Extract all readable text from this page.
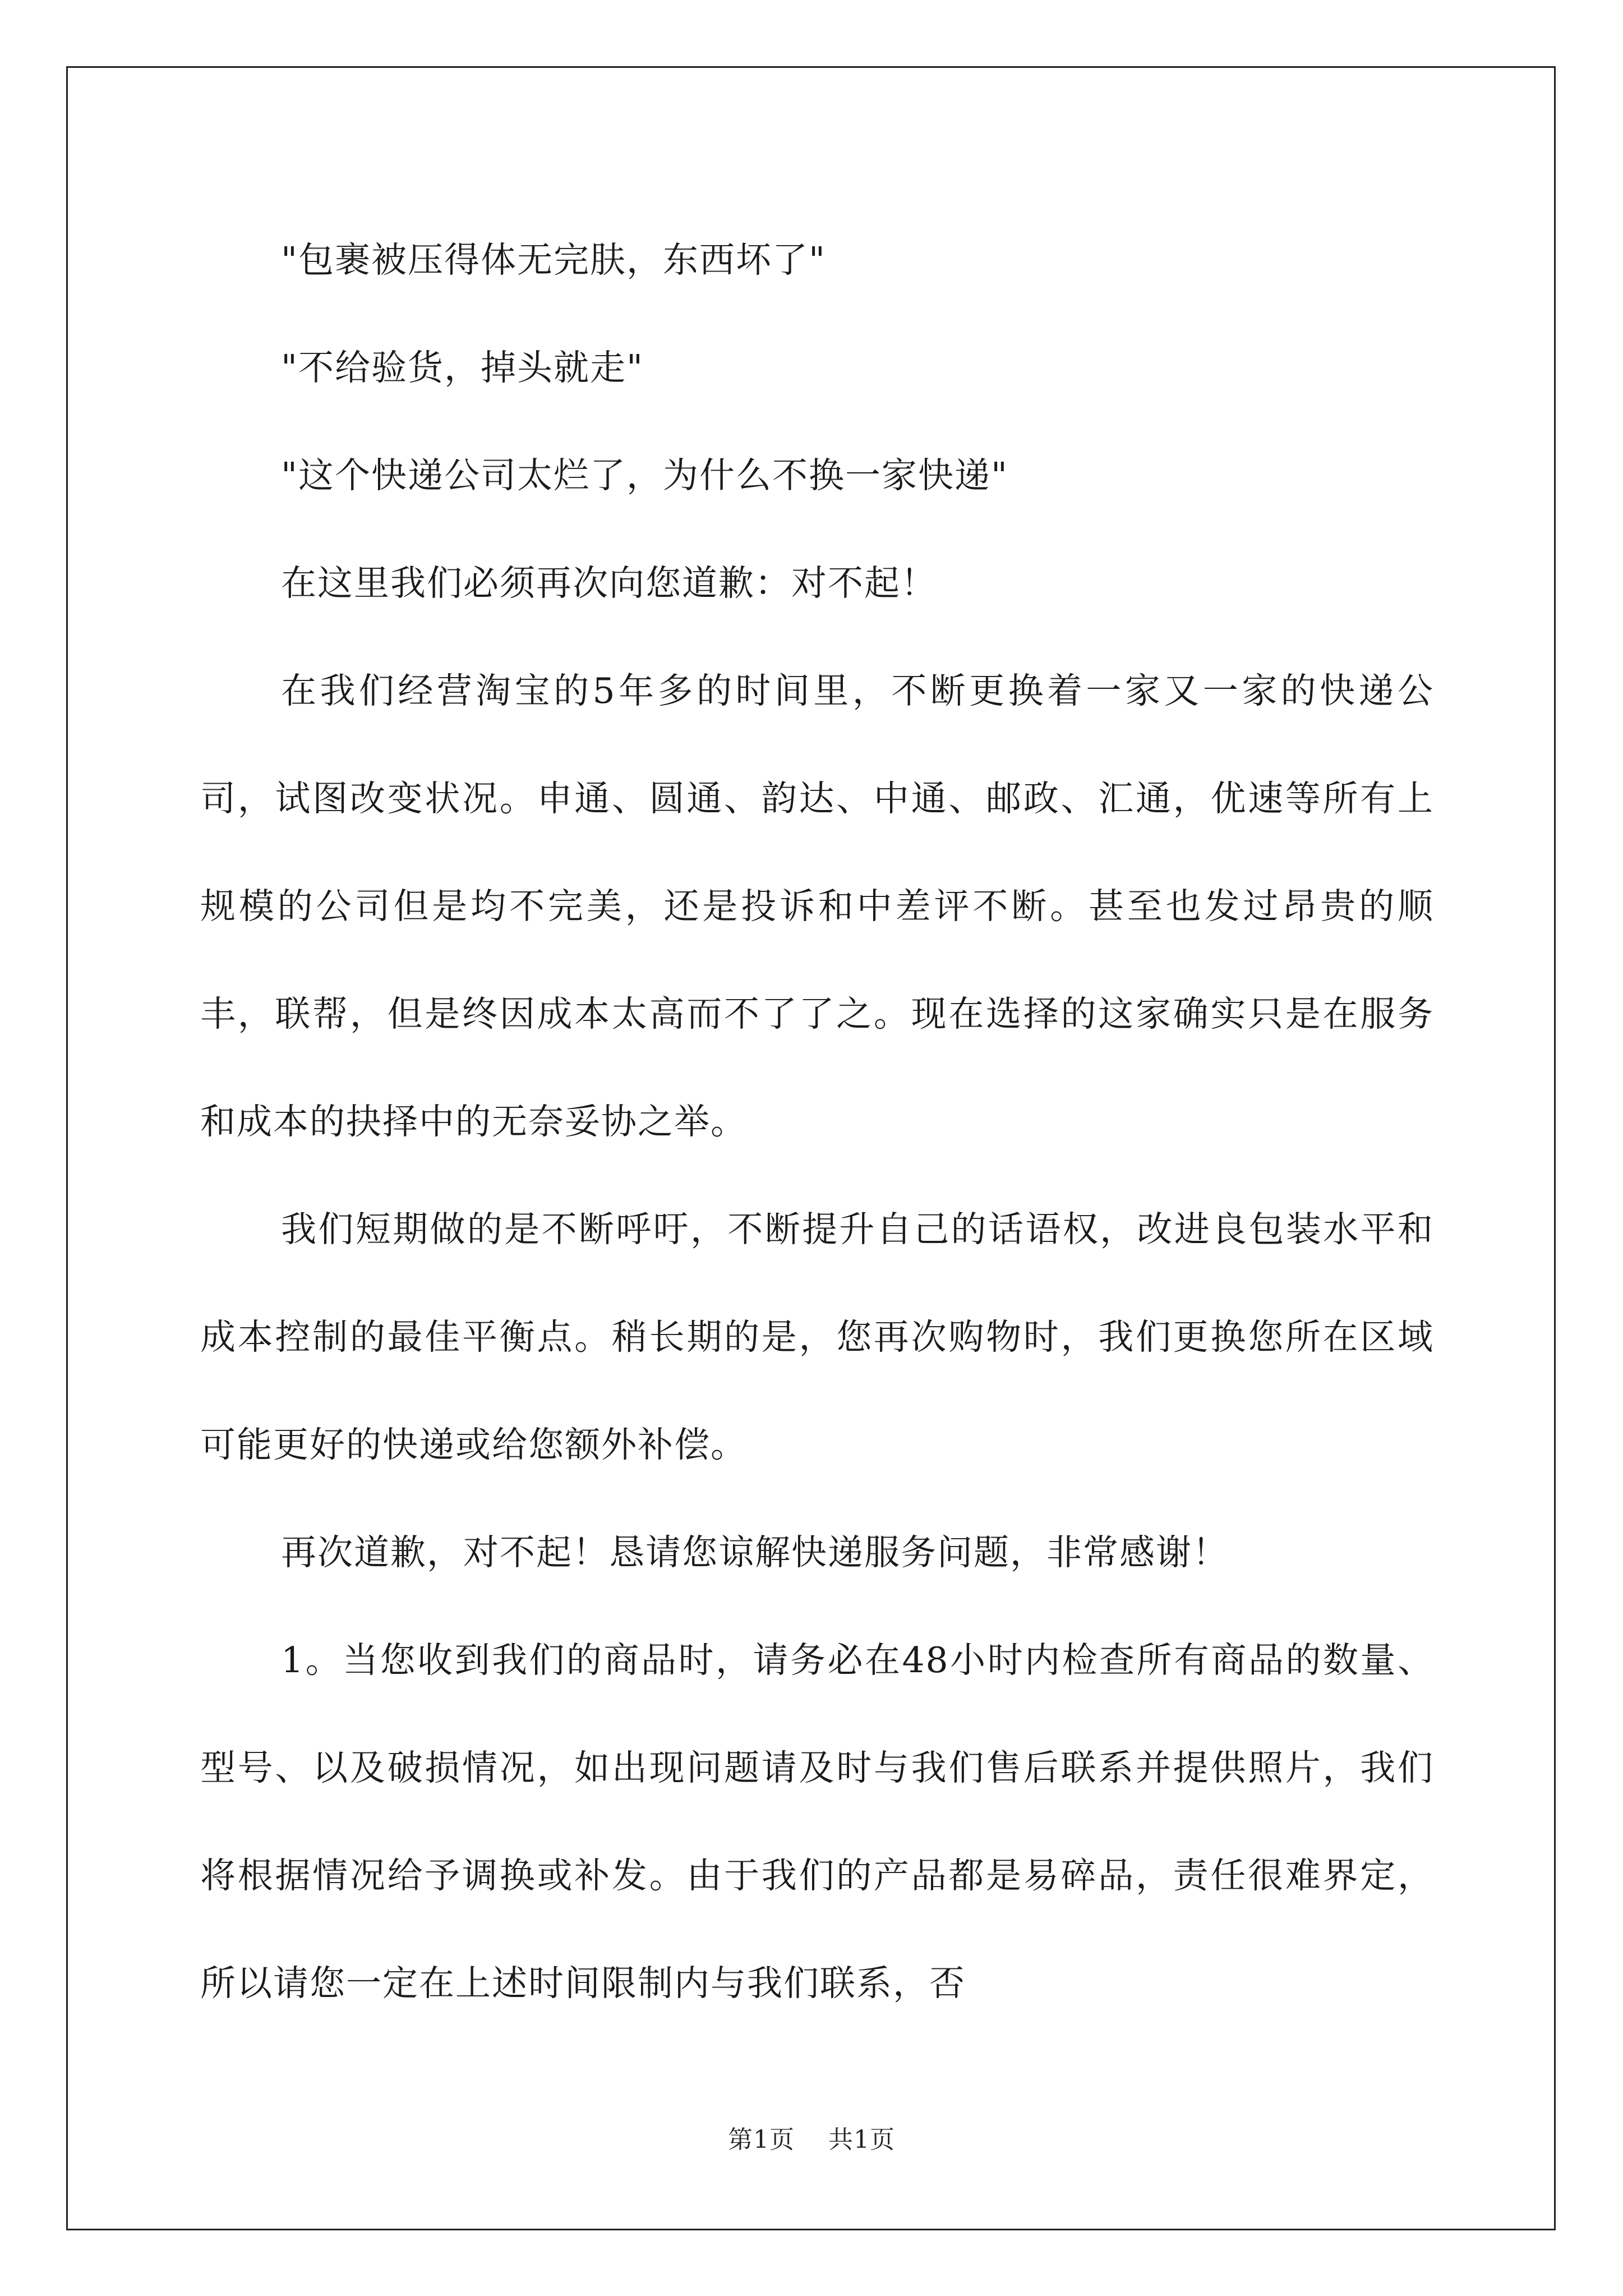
"包裹被压得体无完肤，东西坏了"

"不给验货，掉头就走"

"这个快递公司太烂了，为什么不换一家快递"

在这里我们必须再次向您道歉：对不起！

在我们经营淘宝的5年多的时间里，不断更换着一家又一家的快递公司，试图改变状况。申通、圆通、韵达、中通、邮政、汇通，优速等所有上规模的公司但是均不完美，还是投诉和中差评不断。甚至也发过昂贵的顺丰，联帮，但是终因成本太高而不了了之。现在选择的这家确实只是在服务和成本的抉择中的无奈妥协之举。

我们短期做的是不断呼吁，不断提升自己的话语权，改进良包装水平和成本控制的最佳平衡点。稍长期的是，您再次购物时，我们更换您所在区域可能更好的快递或给您额外补偿。

再次道歉，对不起！恳请您谅解快递服务问题，非常感谢！

1。当您收到我们的商品时，请务必在48小时内检查所有商品的数量、型号、以及破损情况，如出现问题请及时与我们售后联系并提供照片，我们将根据情况给予调换或补发。由于我们的产品都是易碎品，责任很难界定，所以请您一定在上述时间限制内与我们联系，否

第1页 共1页
